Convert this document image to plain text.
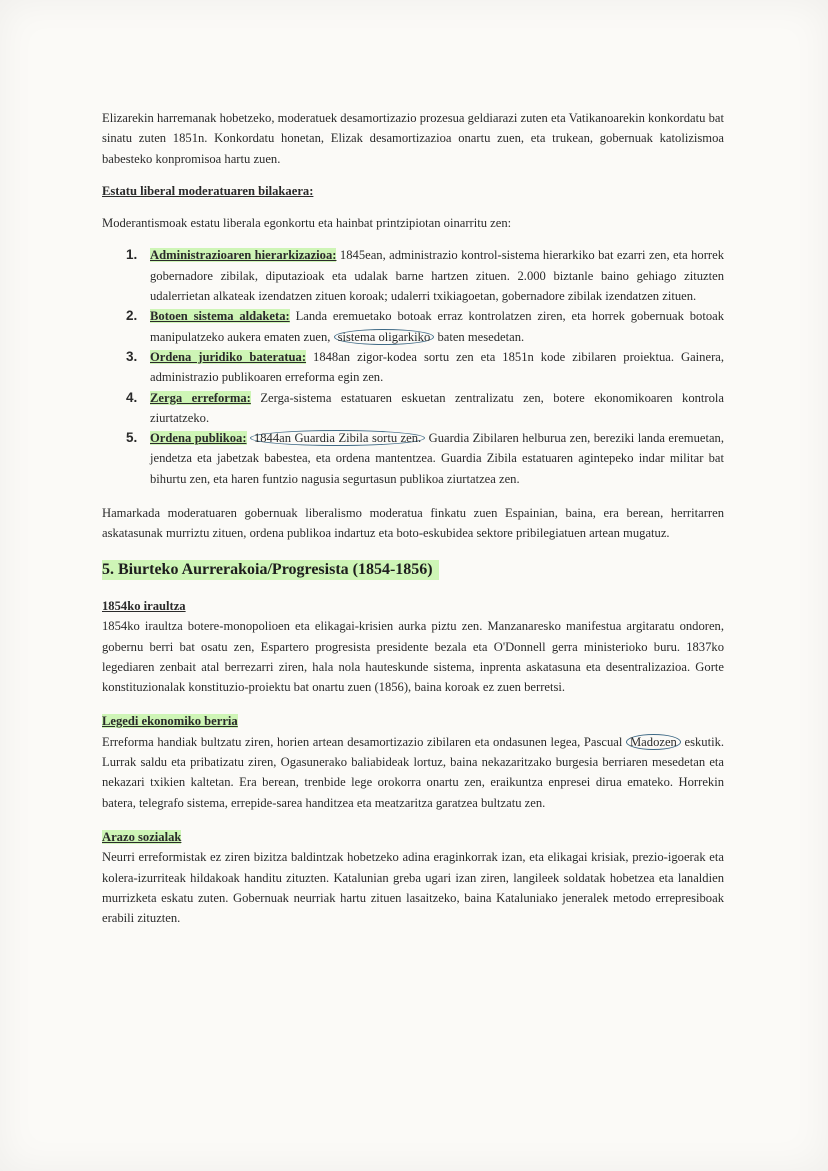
Elizarekin harremanak hobetzeko, moderatuek desamortizazio prozesua geldiarazi zuten eta Vatikanoarekin konkordatu bat sinatu zuten 1851n. Konkordatu honetan, Elizak desamortizazioa onartu zuen, eta trukean, gobernuak katolizismoa babesteko konpromisoa hartu zuen.

Estatu liberal moderatuaren bilakaera:

Moderantismoak estatu liberala egonkortu eta hainbat printzipiotan oinarritu zen:

1. Administrazioaren hierarkizazioa: 1845ean, administrazio kontrol-sistema hierarkiko bat ezarri zen, eta horrek gobernadore zibilak, diputazioak eta udalak barne hartzen zituen. 2.000 biztanle baino gehiago zituzten udalerrietan alkateak izendatzen zituen koroak; udalerri txikiagoetan, gobernadore zibilak izendatzen zituen.
2. Botoen sistema aldaketa: Landa eremuetako botoak erraz kontrolatzen ziren, eta horrek gobernuak botoak manipulatzeko aukera ematen zuen, sistema oligarkiko baten mesedetan.
3. Ordena juridiko bateratua: 1848an zigor-kodea sortu zen eta 1851n kode zibilaren proiektua. Gainera, administrazio publikoaren erreforma egin zen.
4. Zerga erreforma: Zerga-sistema estatuaren eskuetan zentralizatu zen, botere ekonomikoaren kontrola ziurtatzeko.
5. Ordena publikoa: 1844an Guardia Zibila sortu zen. Guardia Zibilaren helburua zen, bereziki landa eremuetan, jendetza eta jabetzak babestea, eta ordena mantentzea. Guardia Zibila estatuaren agintepeko indar militar bat bihurtu zen, eta haren funtzio nagusia segurtasun publikoa ziurtatzea zen.

Hamarkada moderatuaren gobernuak liberalismo moderatua finkatu zuen Espainian, baina, era berean, herritarren askatasunak murriztu zituen, ordena publikoa indartuz eta boto-eskubidea sektore pribilegiatuen artean mugatuz.

5. Biurteko Aurrerakoia/Progresista (1854-1856)

1854ko iraultza

1854ko iraultza botere-monopolioen eta elikagai-krisien aurka piztu zen. Manzanaresko manifestua argitaratu ondoren, gobernu berri bat osatu zen, Espartero progresista presidente bezala eta O'Donnell gerra ministerioko buru. 1837ko legediaren zenbait atal berrezarri ziren, hala nola hauteskunde sistema, inprenta askatasuna eta desentralizazioa. Gorte konstituzionalak konstituzio-proiektu bat onartu zuen (1856), baina koroak ez zuen berretsi.

Legedi ekonomiko berria

Erreforma handiak bultzatu ziren, horien artean desamortizazio zibilaren eta ondasunen legea, Pascual Madozen eskutik. Lurrak saldu eta pribatizatu ziren, Ogasunerako baliabideak lortuz, baina nekazaritzako burgesia berriaren mesedetan eta nekazari txikien kaltetan. Era berean, trenbide lege orokorra onartu zen, eraikuntza enpresei dirua emateko. Horrekin batera, telegrafo sistema, errepide-sarea handitzea eta meatzaritza garatzea bultzatu zen.

Arazo sozialak

Neurri erreformistak ez ziren bizitza baldintzak hobetzeko adina eraginkorrak izan, eta elikagai krisiak, prezio-igoerak eta kolera-izurriteak hildakoak handitu zituzten. Katalunian greba ugari izan ziren, langileek soldatak hobetzea eta lanaldien murrizketa eskatu zuten. Gobernuak neurriak hartu zituen lasaitzeko, baina Kataluniako jeneralek metodo errepresiboak erabili zituzten.
